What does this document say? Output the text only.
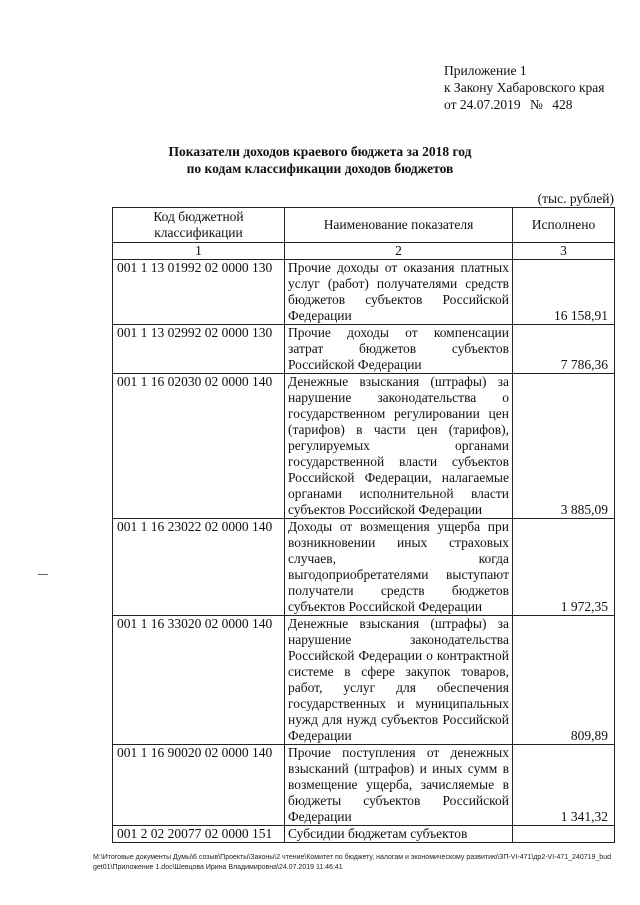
Приложение 1
к Закону Хабаровского края
от 24.07.2019 № 428
Показатели доходов краевого бюджета за 2018 год
по кодам классификации доходов бюджетов
(тыс. рублей)
Код бюджетной классификации	Наименование показателя	Исполнено
1	2	3
001 1 13 01992 02 0000 130	Прочие доходы от оказания платных услуг (работ) получателями средств бюджетов субъектов Российской Федерации	16 158,91
001 1 13 02992 02 0000 130	Прочие доходы от компенсации затрат бюджетов субъектов Российской Федерации	7 786,36
001 1 16 02030 02 0000 140	Денежные взыскания (штрафы) за нарушение законодательства о государственном регулировании цен (тарифов) в части цен (тарифов), регулируемых органами государственной власти субъектов Российской Федерации, налагаемые органами исполнительной власти субъектов Российской Федерации	3 885,09
001 1 16 23022 02 0000 140	Доходы от возмещения ущерба при возникновении иных страховых случаев, когда выгодоприобретателями выступают получатели средств бюджетов субъектов Российской Федерации	1 972,35
001 1 16 33020 02 0000 140	Денежные взыскания (штрафы) за нарушение законодательства Российской Федерации о контрактной системе в сфере закупок товаров, работ, услуг для обеспечения государственных и муниципальных нужд для нужд субъектов Российской Федерации	809,89
001 1 16 90020 02 0000 140	Прочие поступления от денежных взысканий (штрафов) и иных сумм в возмещение ущерба, зачисляемые в бюджеты субъектов Российской Федерации	1 341,32
001 2 02 20077 02 0000 151	Субсидии бюджетам субъектов	
M:\Итоговые документы Думы\6 созыв\Проекты\Законы\2 чтение\Комитет по бюджету, налогам и экономическому развитию\ЗП-VI-471\др2-VI-471_240719_budget01\Приложение 1.doc\Шевцова Ирина Владимировна\24.07.2019 11:46:41
